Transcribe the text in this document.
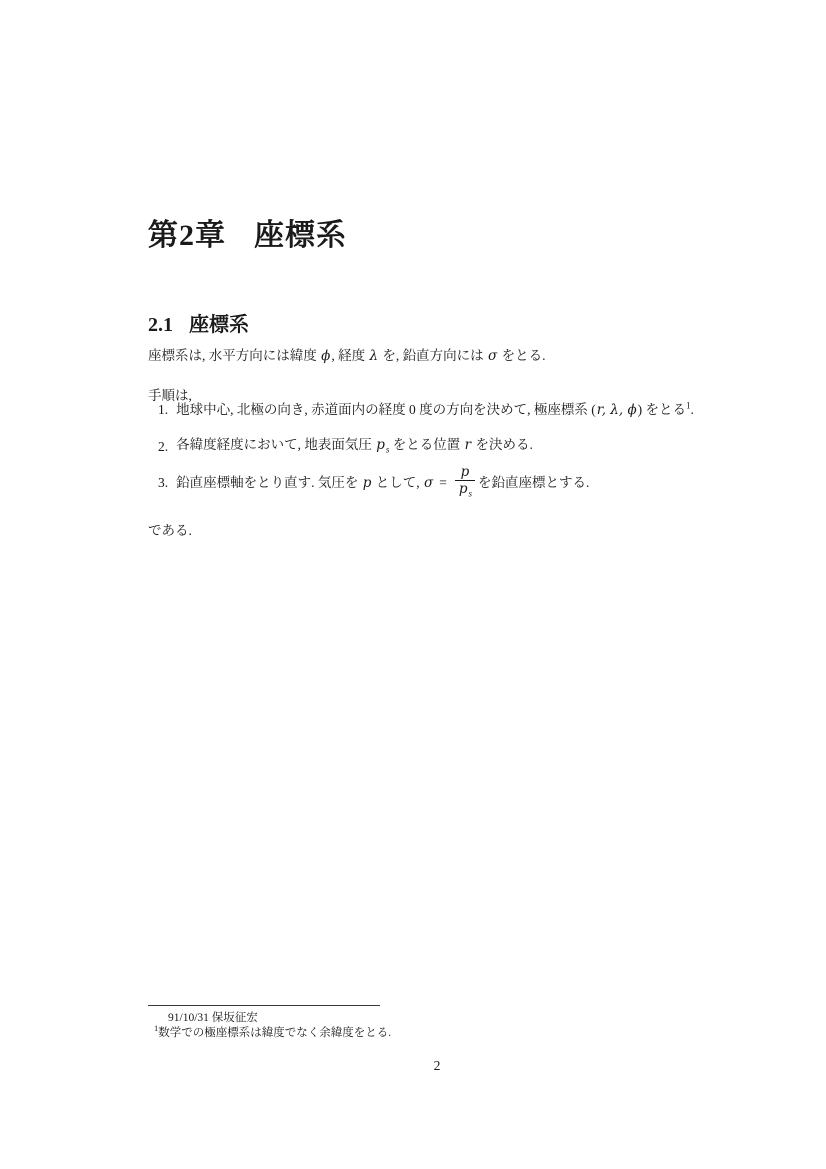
第2章 座標系
2.1 座標系

座標系は, 水平方向には緯度 ϕ, 経度 λ を, 鉛直方向には σ をとる.

手順は,

1. 地球中心, 北極の向き, 赤道面内の経度 0 度の方向を決めて, 極座標系 (r, λ, ϕ) をとる$^1$.
2. 各緯度経度において, 地表面気圧 $p_s$ をとる位置 r を決める.
3. 鉛直座標軸をとり直す. 気圧を p として, $\sigma = \frac{p}{p_s}$ を鉛直座標とする.

である.

91/10/31 保坂征宏
$^1$数学での極座標系は緯度でなく余緯度をとる.
2
